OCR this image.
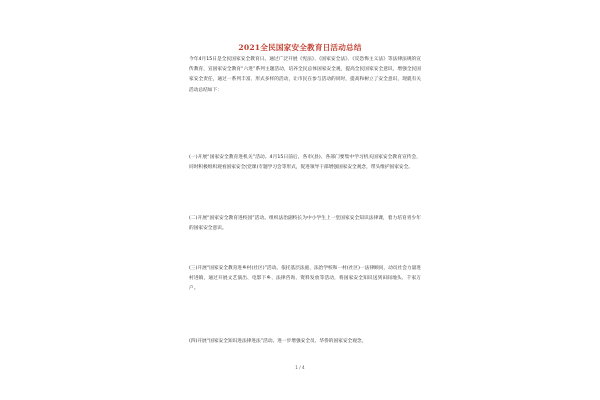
2021全民国家安全教育日活动总结

今年4月15日是全民国家安全教育日。通过广泛开展《宪法》、《国家安全法》、《反恐怖主义法》等法律法规的宣传教育，宣国家安全教育“六进”系列主题活动，培养全民总体国家安全观，提高全民国家安全意识，增强全民国家安全责任，通过一系列丰富、形式多样的活动，让市民在参与活动的同时，提高和树立了安全意识，现就有关活动总结如下：

(一)开展“国家安全教育进机关”活动。4月15日前后，各市(县)、各部门要集中学习机关国家安全教育宣传会，同时积极组织观看国家安全(党课)专题学习会等形式，促进领导干部增强国家安全观念，带头维护国家安全。

(二)开展“国家安全教育进校园”活动。组织法治副校长为中小学生上一堂国家安全知识法律课，着力培育青少年的国家安全意识。

(三)开展“国家安全教育进乡村(社区)”活动。依托基层法庭、法治学校和一村(社区)一法律顾问，动员社会力量进村进镇，通过开展文艺演出、电影下乡、法律咨询、资料发放等活动，将国家安全知识送到田间地头、千家万户。

(四)开展“国家安全知识进法律进法”活动。进一步增强安全员、华侨的国家安全观念。

1 / 4
